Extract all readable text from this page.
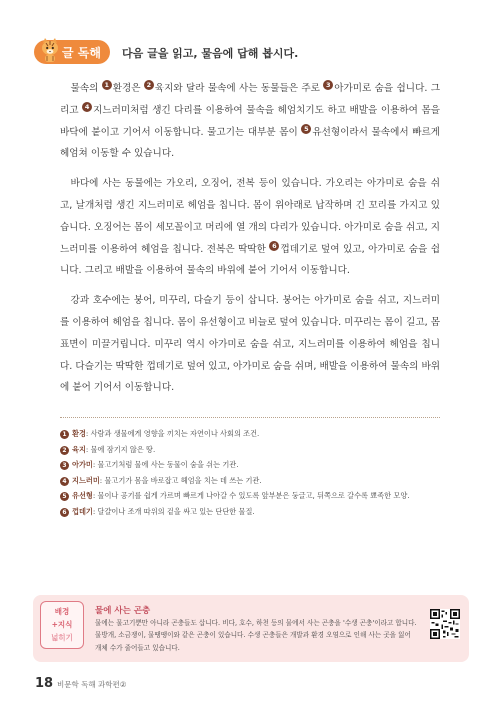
글 독해 다음 글을 읽고, 물음에 답해 봅시다.

물속의 1 환경은 2 육지와 달라 물속에 사는 동물들은 주로 3 아가미로 숨을 쉽니다. 그리고 4 지느러미처럼 생긴 다리를 이용하여 물속을 헤엄치기도 하고 배발을 이용하여 몸을 바닥에 붙이고 기어서 이동합니다. 물고기는 대부분 몸이 5 유선형이라서 물속에서 빠르게 헤엄쳐 이동할 수 있습니다.

바다에 사는 동물에는 가오리, 오징어, 전복 등이 있습니다. 가오리는 아가미로 숨을 쉬고, 날개처럼 생긴 지느러미로 헤엄을 칩니다. 몸이 위아래로 납작하며 긴 꼬리를 가지고 있습니다. 오징어는 몸이 세모꼴이고 머리에 열 개의 다리가 있습니다. 아가미로 숨을 쉬고, 지느러미를 이용하여 헤엄을 칩니다. 전복은 딱딱한 6 껍데기로 덮여 있고, 아가미로 숨을 쉽니다. 그리고 배발을 이용하여 물속의 바위에 붙어 기어서 이동합니다.

강과 호수에는 붕어, 미꾸리, 다슬기 등이 삽니다. 붕어는 아가미로 숨을 쉬고, 지느러미를 이용하여 헤엄을 칩니다. 몸이 유선형이고 비늘로 덮여 있습니다. 미꾸리는 몸이 길고, 몸 표면이 미끌거립니다. 미꾸리 역시 아가미로 숨을 쉬고, 지느러미를 이용하여 헤엄을 칩니다. 다슬기는 딱딱한 껍데기로 덮여 있고, 아가미로 숨을 쉬며, 배발을 이용하여 물속의 바위에 붙어 기어서 이동합니다.

1 환경: 사람과 생물에게 영향을 끼치는 자연이나 사회의 조건.
2 육지: 물에 잠기지 않은 땅.
3 아가미: 물고기처럼 물에 사는 동물이 숨을 쉬는 기관.
4 지느러미: 물고기가 몸을 바로잡고 헤엄을 치는 데 쓰는 기관.
5 유선형: 물이나 공기를 쉽게 가르며 빠르게 나아갈 수 있도록 앞부분은 둥글고, 뒤쪽으로 갈수록 뾰족한 모양.
6 껍데기: 달걀이나 조개 따위의 겉을 싸고 있는 단단한 물질.
배경
+지식
넓히기
물에 사는 곤충
물에는 물고기뿐만 아니라 곤충들도 삽니다. 비다, 호수, 하천 등의 물에서 사는 곤충을 '수생 곤충'이라고 합니다. 물방개, 소금쟁이, 물땡땡이와 같은 곤충이 있습니다. 수생 곤충들은 개발과 환경 오염으로 인해 사는 곳을 잃어 개체 수가 줄어들고 있습니다.
18 비문학 독해 과학편②
